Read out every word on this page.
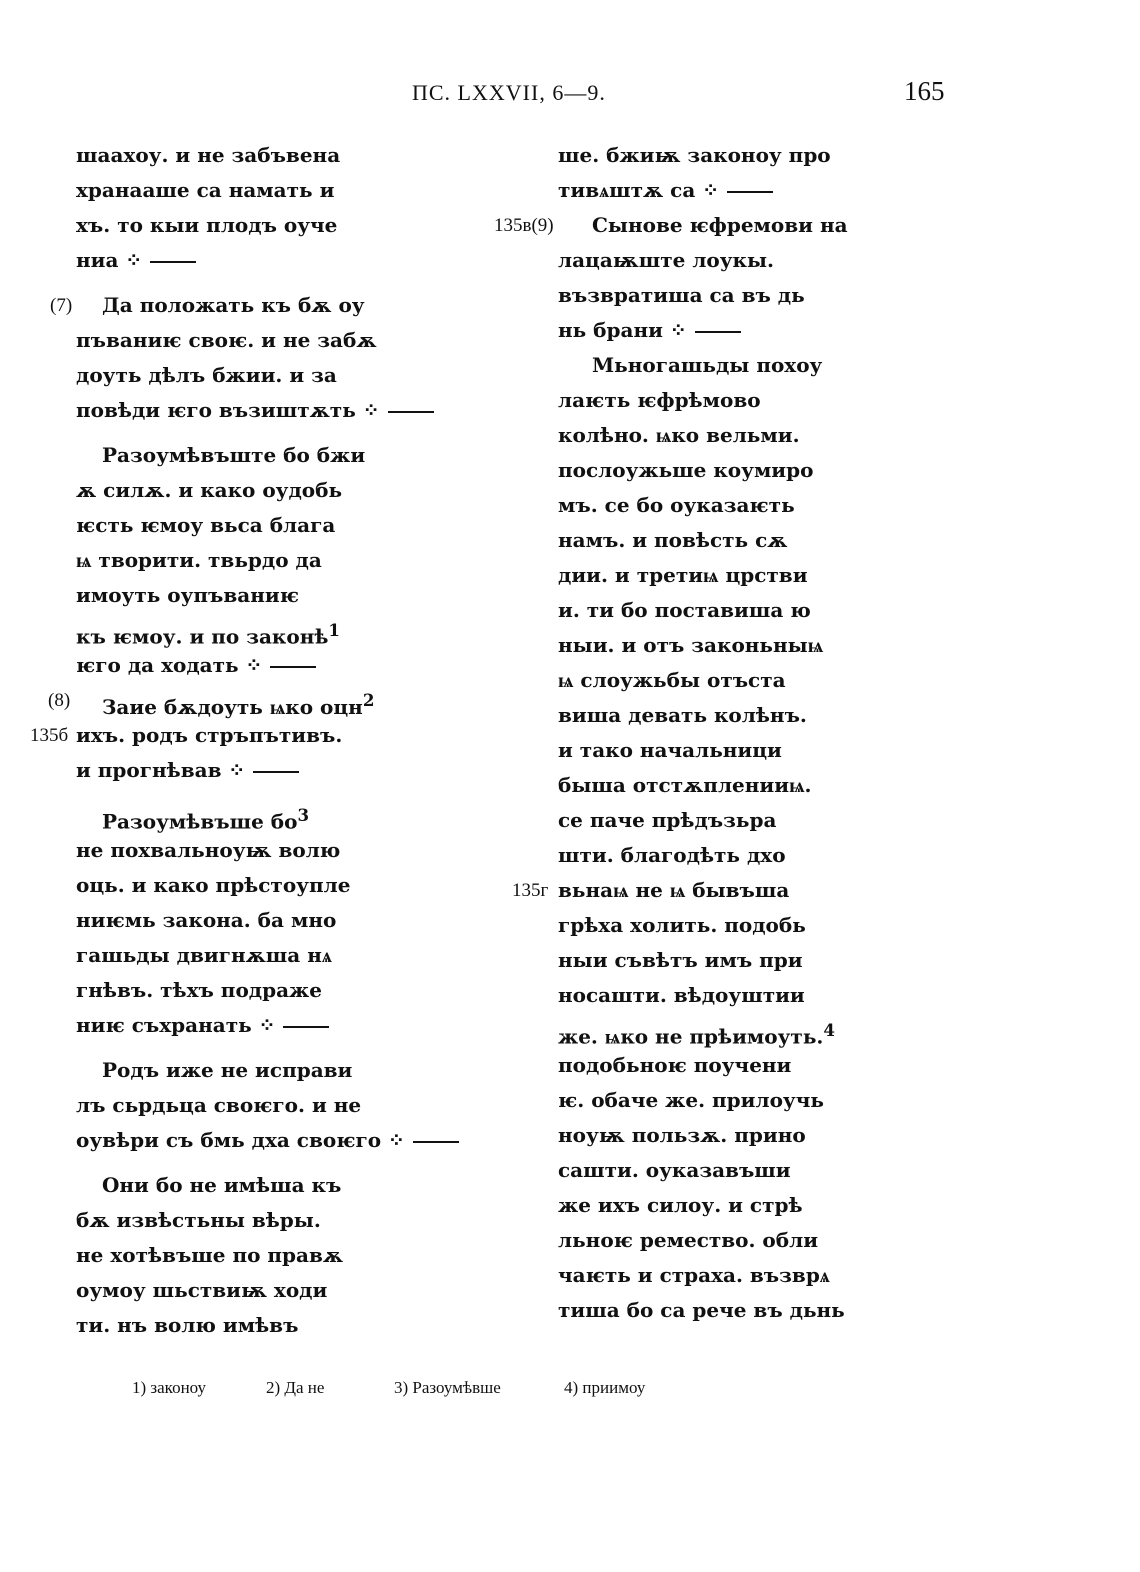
ПС. LXXVII, 6—9.	165
шаахоу. и не забъвена
хранааше са намать и
хъ. то кыи плодъ оуче
ниа ⁘
(7) Да положать къ бѫ оу
пъваниѥ своѥ. и не забѫ
доуть дѣлъ бжии. и за
повѣди ѥго възиштѫть ⁘
Разоумѣвъште бо бжи
ѫ силѫ. и како оудобь
ѥсть ѥмоу вьса блага
ѩ творити. твьрдо да
имоуть оупъваниѥ
къ ѥмоу. и по законѣ$^1$
ѥго да ходать ⁘
(8) Заие бѫдоуть ѩко оцн$^2$
135б ихъ. родъ стръпътивъ.
и прогнѣвав ⁘
Разоумѣвъше $бо^3$
не похвальноуѭ волю
оць. и како прѣстоупле
ниѥмь закона. ба мно
гашьды двигнѫша нѧ
гнѣвъ. тѣхъ подраже
ниѥ съхранать ⁘
Родъ иже не исправи
лъ сьрдьца своѥго. и не
оувѣри съ бмь дха своѥго ⁘
Они бо не имѣша къ
бѫ извѣстьны вѣры.
не хотѣвъше по правѫ
оумоу шьствиѭ ходи
ти. нъ волю имѣвъ
ше. бжиѭ законоу про
тивѧштѫ са ⁘
135в(9) Сынове ѥфремови на
лацаѭште лоукы.
възвратиша са въ дь
нь брани ⁘
Мьногашьды похоу
лаѥть ѥфрѣмово
колѣно. ѩко вельми.
послоужьше коумиро
мъ. се бо оуказаѥть
намъ. и повѣсть сѫ
дии. и третиѩ црстви
и. ти бо поставиша ю
ныи. и отъ законьныѩ
ѩ слоужьбы отъста
виша девать колѣнъ.
и тако начальници
быша отстѫпленииѩ.
се паче прѣдъзьра
шти. благодѣть дхо
135г вьнаѩ не ѩ бывъша
грѣха холить. подобь
ныи съвѣтъ имъ при
носашти. вѣдоуштии
же. ѩко не прѣимоуть.$^4$
подобьноѥ поучени
ѥ. обаче же. прилоучь
ноуѭ пользѫ. прино
сашти. оуказавъши
же ихъ силоу. и стрѣ
льноѥ ремество. обли
чаѥть и страха. възврѧ
тиша бо са рече въ дьнь
1) законоу	2) Да не	3) Разоумѣвше	4) приимоу
